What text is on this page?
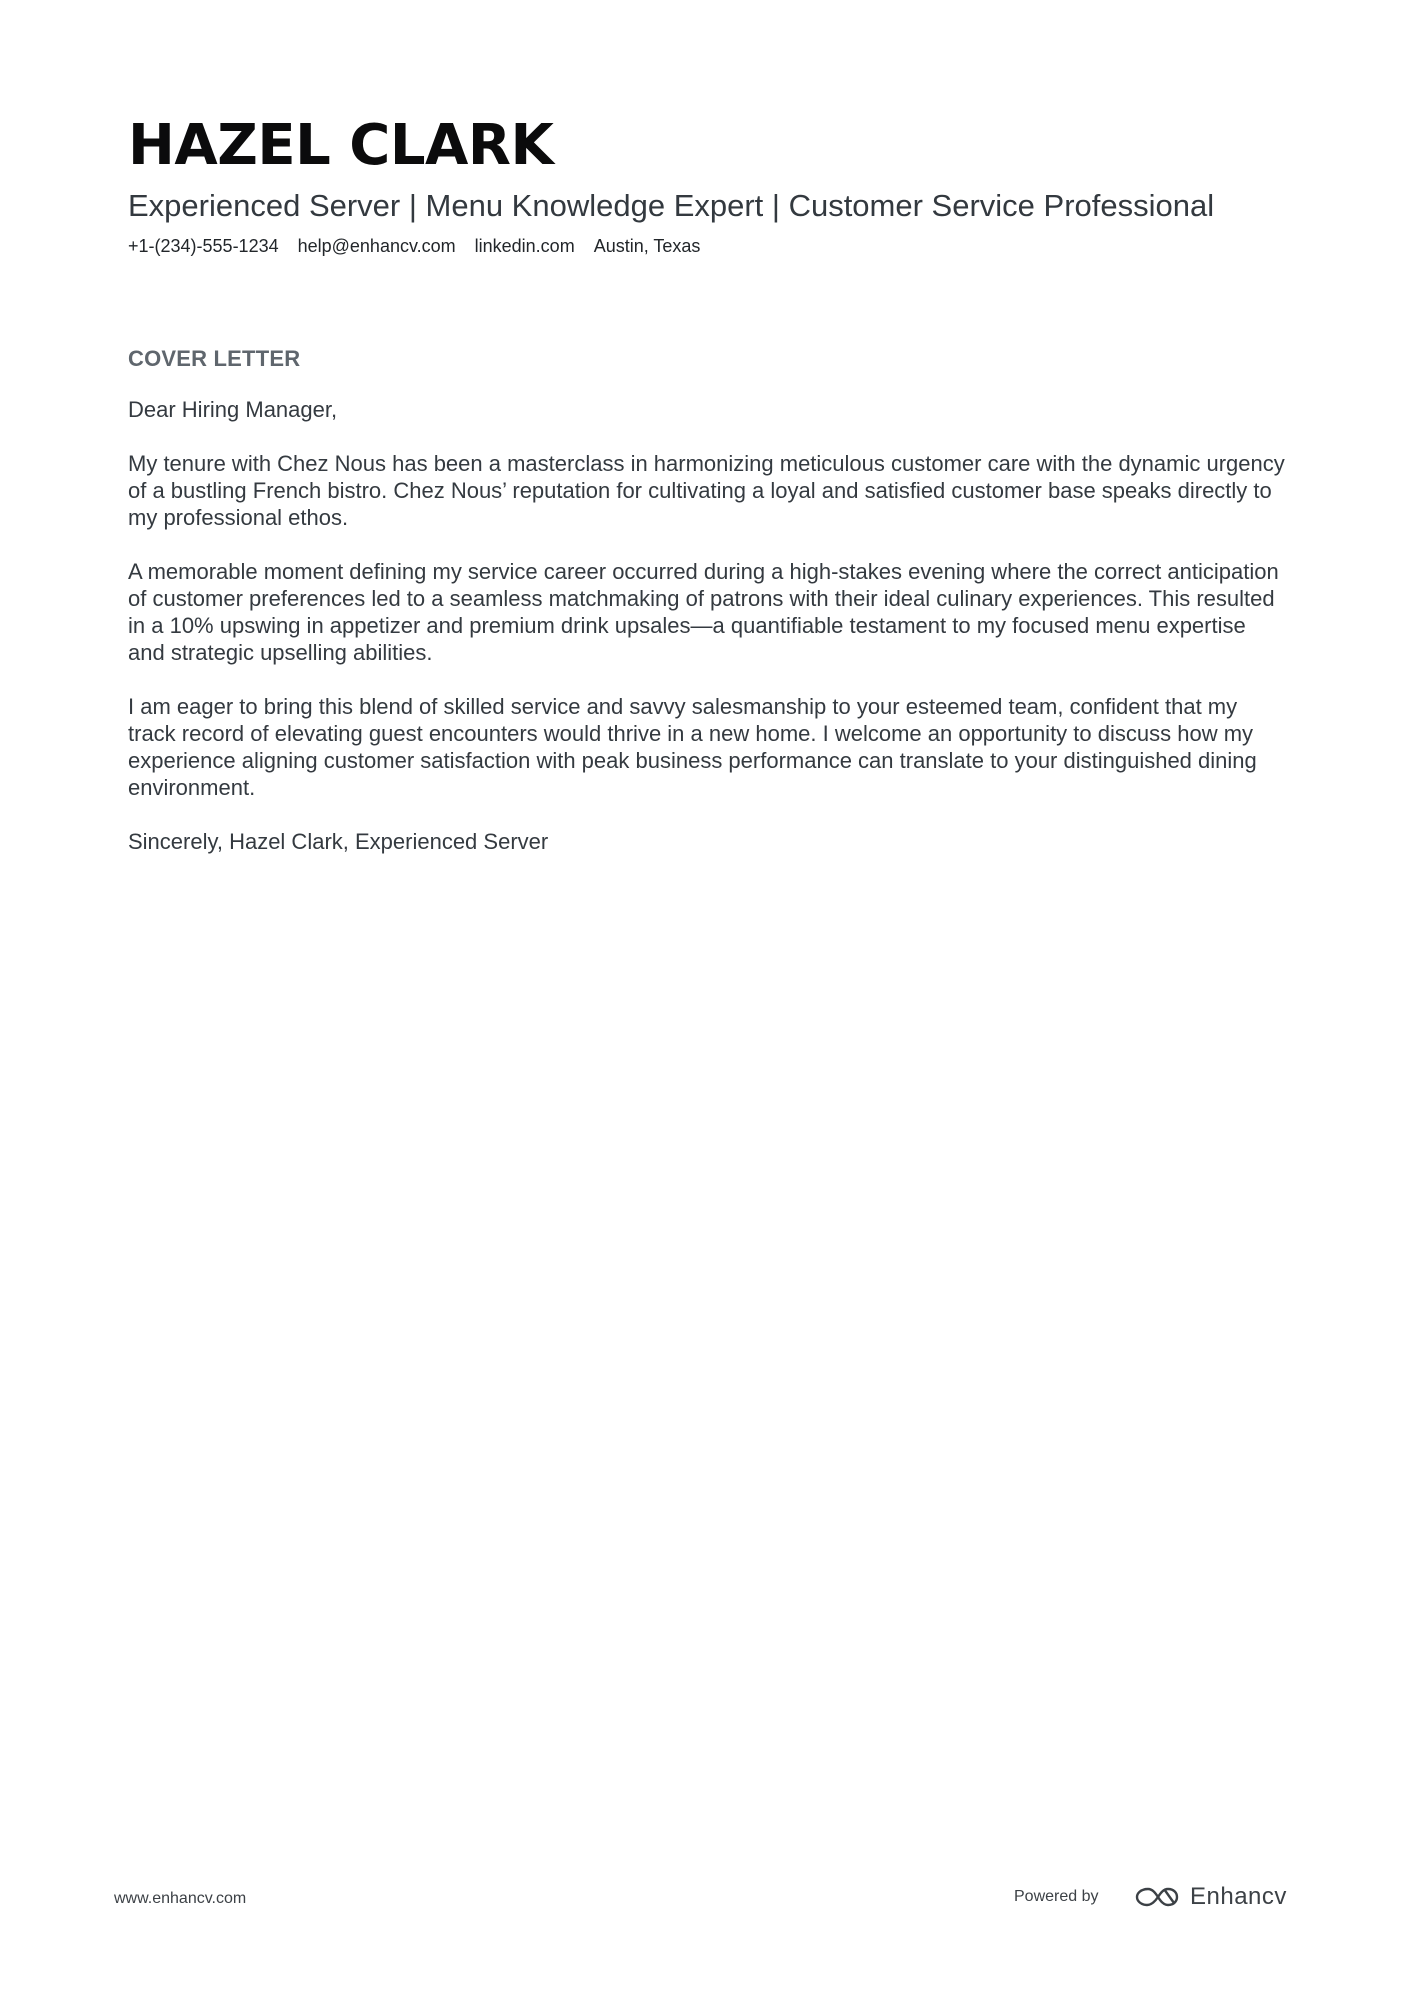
HAZEL CLARK
Experienced Server | Menu Knowledge Expert | Customer Service Professional
+1-(234)-555-1234 help@enhancv.com linkedin.com Austin, Texas
COVER LETTER

Dear Hiring Manager,

My tenure with Chez Nous has been a masterclass in harmonizing meticulous customer care with the dynamic urgency of a bustling French bistro. Chez Nous’ reputation for cultivating a loyal and satisfied customer base speaks directly to my professional ethos.

A memorable moment defining my service career occurred during a high-stakes evening where the correct anticipation of customer preferences led to a seamless matchmaking of patrons with their ideal culinary experiences. This resulted in a 10% upswing in appetizer and premium drink upsales—a quantifiable testament to my focused menu expertise and strategic upselling abilities.

I am eager to bring this blend of skilled service and savvy salesmanship to your esteemed team, confident that my track record of elevating guest encounters would thrive in a new home. I welcome an opportunity to discuss how my experience aligning customer satisfaction with peak business performance can translate to your distinguished dining environment.

Sincerely, Hazel Clark, Experienced Server

www.enhancv.com	Powered by	Enhancv
